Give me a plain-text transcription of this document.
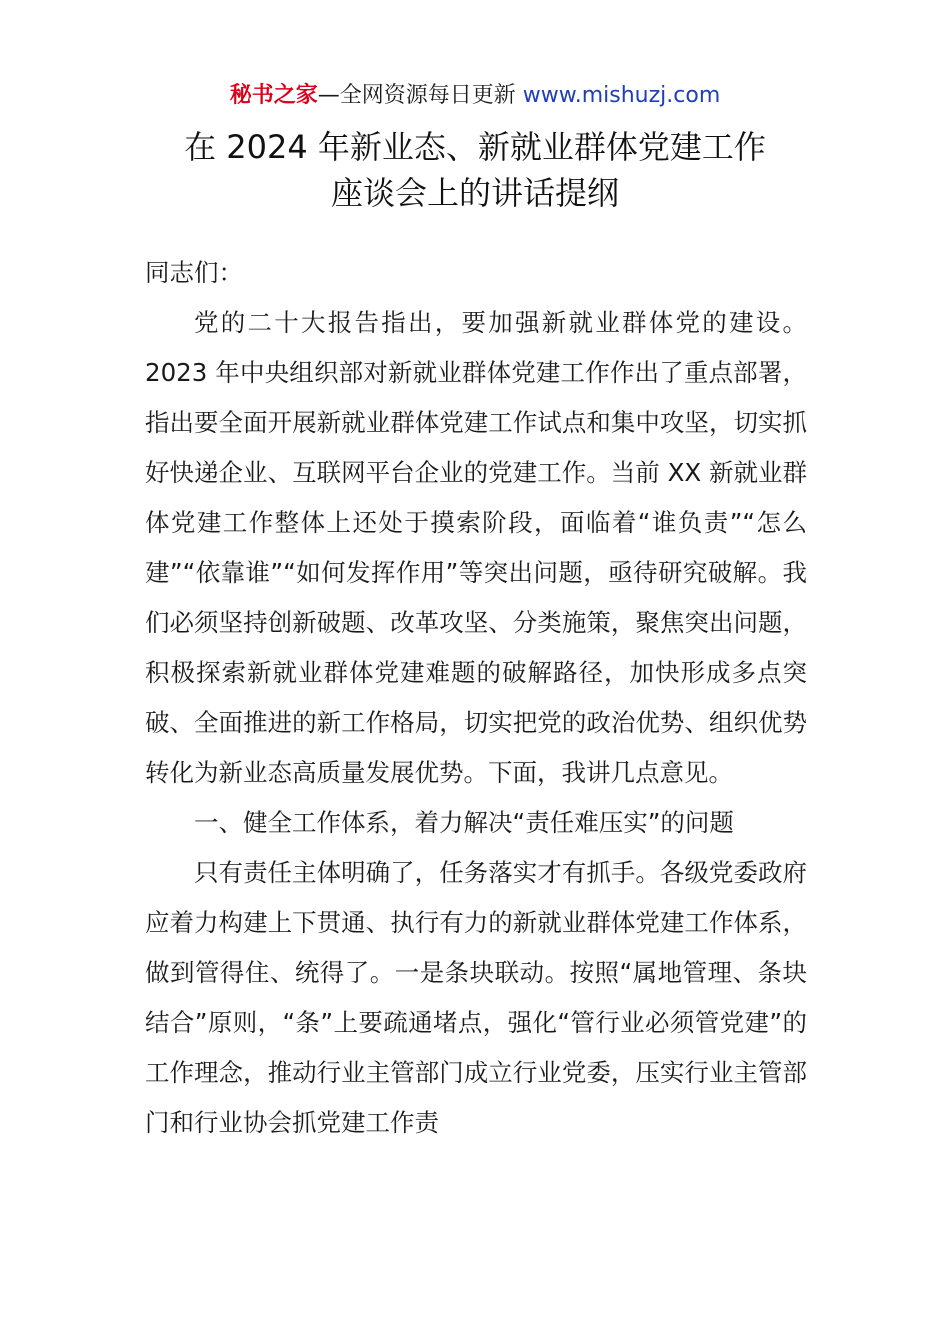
秘书之家—全网资源每日更新 www.mishuzj.com
在 2024 年新业态、新就业群体党建工作
座谈会上的讲话提纲

同志们：

党的二十大报告指出，要加强新就业群体党的建设。2023 年中央组织部对新就业群体党建工作作出了重点部署，指出要全面开展新就业群体党建工作试点和集中攻坚，切实抓好快递企业、互联网平台企业的党建工作。当前 XX 新就业群体党建工作整体上还处于摸索阶段，面临着“谁负责”“怎么建”“依靠谁”“如何发挥作用”等突出问题，亟待研究破解。我们必须坚持创新破题、改革攻坚、分类施策，聚焦突出问题，积极探索新就业群体党建难题的破解路径，加快形成多点突破、全面推进的新工作格局，切实把党的政治优势、组织优势转化为新业态高质量发展优势。下面，我讲几点意见。

一、健全工作体系，着力解决“责任难压实”的问题

只有责任主体明确了，任务落实才有抓手。各级党委政府应着力构建上下贯通、执行有力的新就业群体党建工作体系，做到管得住、统得了。一是条块联动。按照“属地管理、条块结合”原则，“条”上要疏通堵点，强化“管行业必须管党建”的工作理念，推动行业主管部门成立行业党委，压实行业主管部门和行业协会抓党建工作责
